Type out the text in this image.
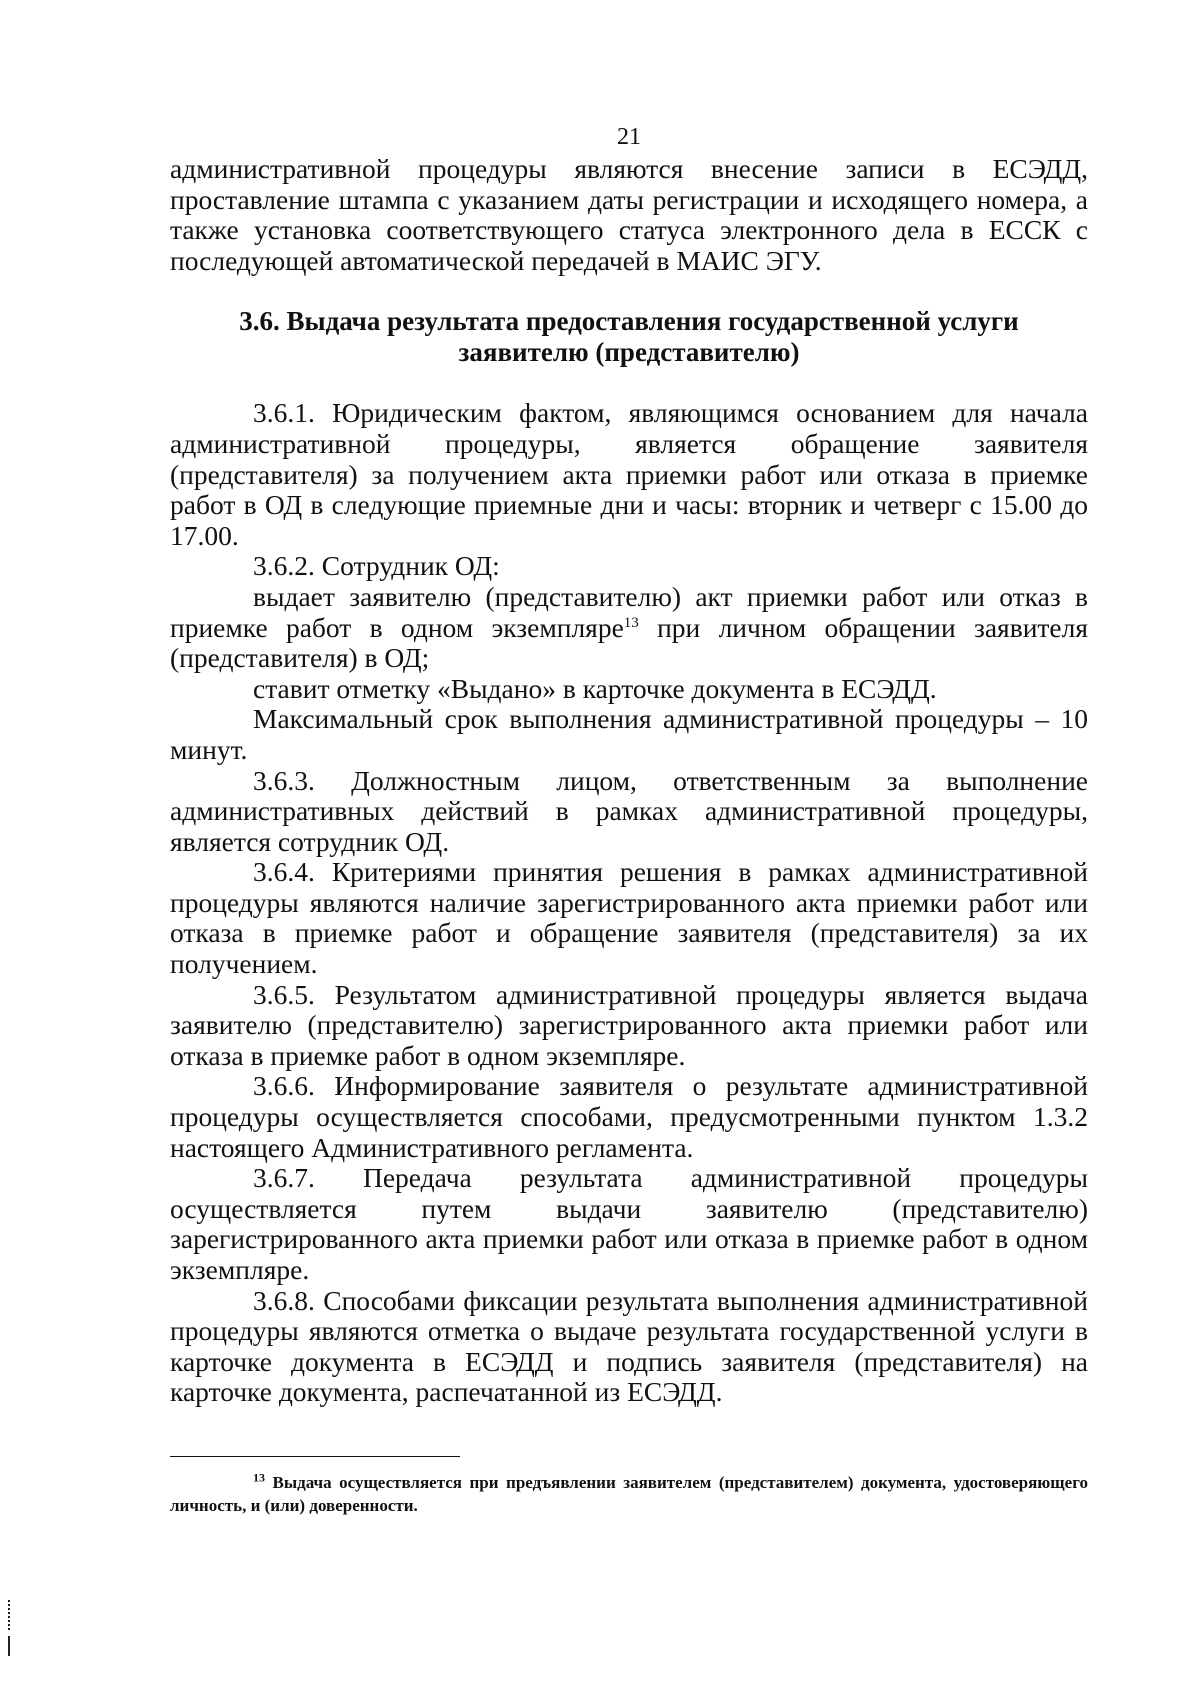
21

административной процедуры являются внесение записи в ЕСЭДД, проставление штампа с указанием даты регистрации и исходящего номера, а также установка соответствующего статуса электронного дела в ЕССК с последующей автоматической передачей в МАИС ЭГУ.

3.6. Выдача результата предоставления государственной услуги
заявителю (представителю)

3.6.1. Юридическим фактом, являющимся основанием для начала административной процедуры, является обращение заявителя (представителя) за получением акта приемки работ или отказа в приемке работ в ОД в следующие приемные дни и часы: вторник и четверг с 15.00 до 17.00.

3.6.2. Сотрудник ОД:

выдает заявителю (представителю) акт приемки работ или отказ в приемке работ в одном экземпляре$^{13}$ при личном обращении заявителя (представителя) в ОД;

ставит отметку «Выдано» в карточке документа в ЕСЭДД.

Максимальный срок выполнения административной процедуры – 10 минут.

3.6.3. Должностным лицом, ответственным за выполнение административных действий в рамках административной процедуры, является сотрудник ОД.

3.6.4. Критериями принятия решения в рамках административной процедуры являются наличие зарегистрированного акта приемки работ или отказа в приемке работ и обращение заявителя (представителя) за их получением.

3.6.5. Результатом административной процедуры является выдача заявителю (представителю) зарегистрированного акта приемки работ или отказа в приемке работ в одном экземпляре.

3.6.6. Информирование заявителя о результате административной процедуры осуществляется способами, предусмотренными пунктом 1.3.2 настоящего Административного регламента.

3.6.7. Передача результата административной процедуры осуществляется путем выдачи заявителю (представителю) зарегистрированного акта приемки работ или отказа в приемке работ в одном экземпляре.

3.6.8. Способами фиксации результата выполнения административной процедуры являются отметка о выдаче результата государственной услуги в карточке документа в ЕСЭДД и подпись заявителя (представителя) на карточке документа, распечатанной из ЕСЭДД.

$^{13}$ Выдача осуществляется при предъявлении заявителем (представителем) документа, удостоверяющего личность, и (или) доверенности.
